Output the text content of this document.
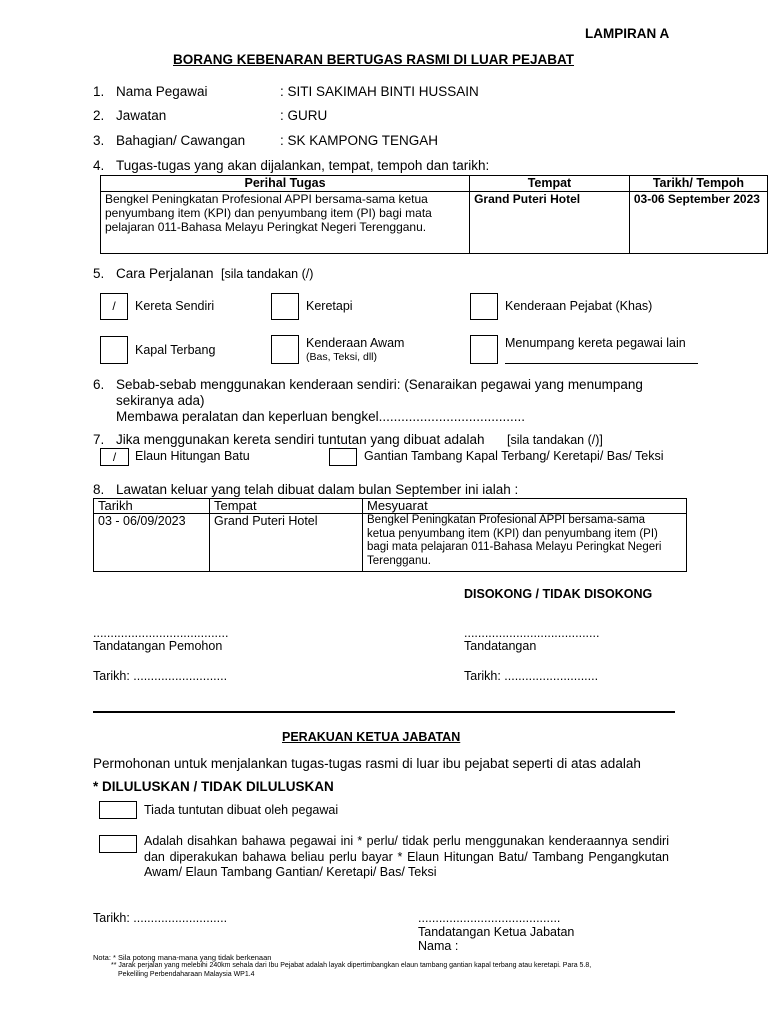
LAMPIRAN A
BORANG KEBENARAN BERTUGAS RASMI DI LUAR PEJABAT
1. Nama Pegawai	: SITI SAKIMAH BINTI HUSSAIN
2. Jawatan	: GURU
3. Bahagian/ Cawangan	: SK KAMPONG TENGAH
4. Tugas-tugas yang akan dijalankan, tempat, tempoh dan tarikh:
Perihal Tugas	Tempat	Tarikh/ Tempoh
Bengkel Peningkatan Profesional APPI bersama-sama ketua penyumbang item (KPI) dan penyumbang item (PI) bagi mata pelajaran 011-Bahasa Melayu Peringkat Negeri Terengganu.	Grand Puteri Hotel	03-06 September 2023
5. Cara Perjalanan [sila tandakan (/)
/	Kereta Sendiri	Keretapi	Kenderaan Pejabat (Khas)
Kapal Terbang	Kenderaan Awam
(Bas, Teksi, dll)
Menumpang kereta pegawai lain
6. Sebab-sebab menggunakan kenderaan sendiri: (Senaraikan pegawai yang menumpang
sekiranya ada)
Membawa peralatan dan keperluan bengkel.......................................
7. Jika menggunakan kereta sendiri tuntutan yang dibuat adalah [sila tandakan (/)]
/	Elaun Hitungan Batu	Gantian Tambang Kapal Terbang/ Keretapi/ Bas/ Teksi
8. Lawatan keluar yang telah dibuat dalam bulan September ini ialah :
Tarikh	Tempat	Mesyuarat
03 - 06/09/2023	Grand Puteri Hotel	Bengkel Peningkatan Profesional APPI bersama-sama ketua penyumbang item (KPI) dan penyumbang item (PI) bagi mata pelajaran 011-Bahasa Melayu Peringkat Negeri Terengganu.
DISOKONG / TIDAK DISOKONG
.......................................
Tandatangan Pemohon
.......................................
Tandatangan
Tarikh: ...........................	Tarikh: ...........................
PERAKUAN KETUA JABATAN
Permohonan untuk menjalankan tugas-tugas rasmi di luar ibu pejabat seperti di atas adalah
* DILULUSKAN / TIDAK DILULUSKAN
Tiada tuntutan dibuat oleh pegawai
Adalah disahkan bahawa pegawai ini * perlu/ tidak perlu menggunakan kenderaannya sendiri dan diperakukan bahawa beliau perlu bayar * Elaun Hitungan Batu/ Tambang Pengangkutan Awam/ Elaun Tambang Gantian/ Keretapi/ Bas/ Teksi
Tarikh: ...........................	.........................................
Tandatangan Ketua Jabatan
Nama :
Nota: * Sila potong mana-mana yang tidak berkenaan
** Jarak perjalan yang melebihi 240km sehala dari Ibu Pejabat adalah layak dipertimbangkan elaun tambang gantian kapal terbang atau keretapi. Para 5.8,
Pekeliling Perbendaharaan Malaysia WP1.4
